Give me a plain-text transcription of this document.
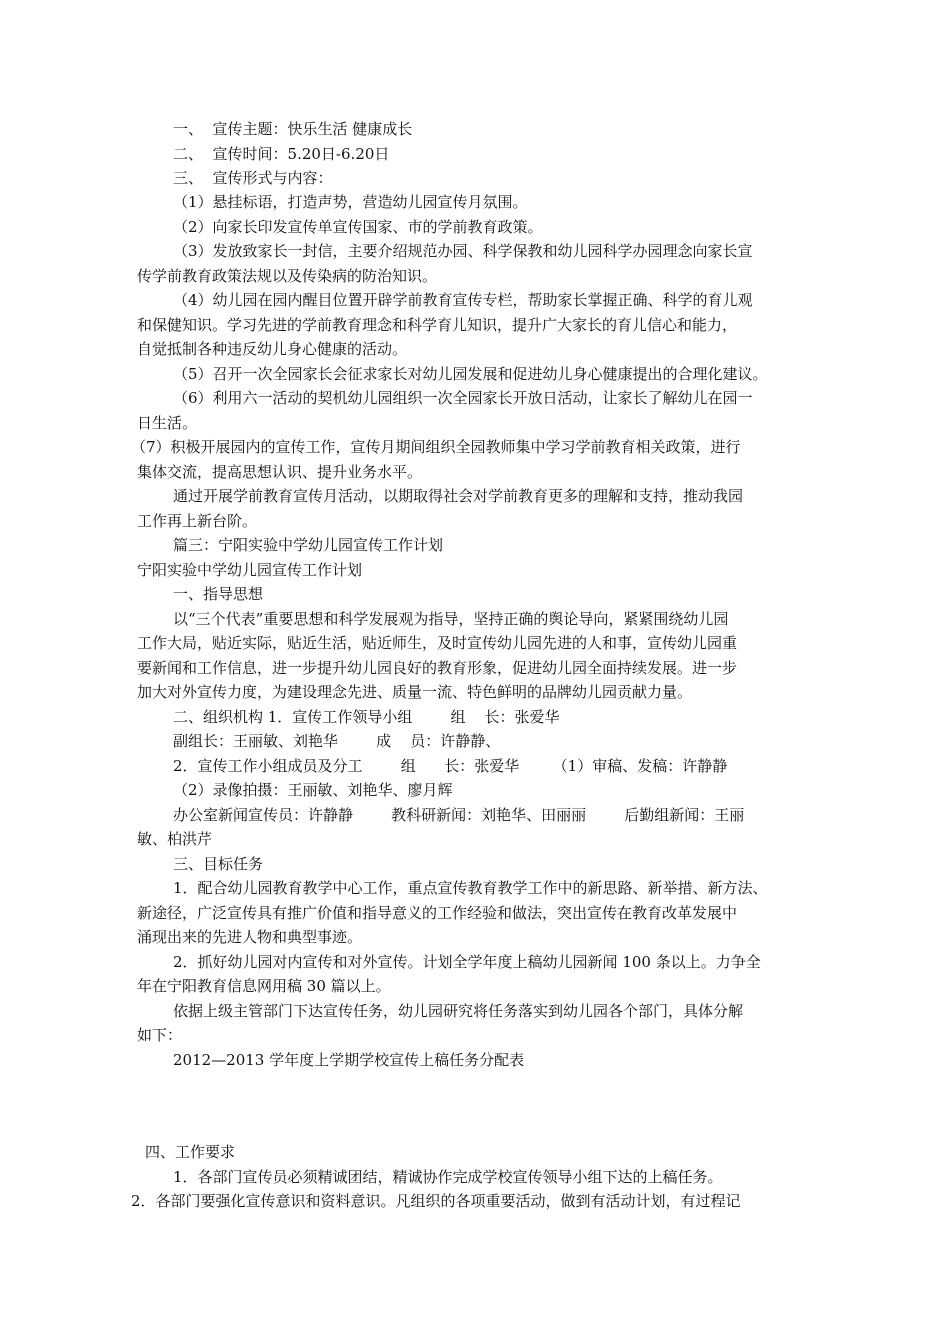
一、  宣传主题：快乐生活 健康成长
二、  宣传时间：5.20日-6.20日
三、  宣传形式与内容：
（1）悬挂标语，打造声势，营造幼儿园宣传月氛围。
（2）向家长印发宣传单宣传国家、市的学前教育政策。
（3）发放致家长一封信，主要介绍规范办园、科学保教和幼儿园科学办园理念向家长宣
传学前教育政策法规以及传染病的防治知识。
（4）幼儿园在园内醒目位置开辟学前教育宣传专栏，帮助家长掌握正确、科学的育儿观
和保健知识。学习先进的学前教育理念和科学育儿知识，提升广大家长的育儿信心和能力，
自觉抵制各种违反幼儿身心健康的活动。
（5）召开一次全园家长会征求家长对幼儿园发展和促进幼儿身心健康提出的合理化建议。
（6）利用六一活动的契机幼儿园组织一次全园家长开放日活动，让家长了解幼儿在园一
日生活。
（7）积极开展园内的宣传工作，宣传月期间组织全园教师集中学习学前教育相关政策，进行
集体交流，提高思想认识、提升业务水平。
通过开展学前教育宣传月活动，以期取得社会对学前教育更多的理解和支持，推动我园
工作再上新台阶。
篇三：宁阳实验中学幼儿园宣传工作计划
宁阳实验中学幼儿园宣传工作计划
一、指导思想
以“三个代表”重要思想和科学发展观为指导，坚持正确的舆论导向，紧紧围绕幼儿园
工作大局，贴近实际，贴近生活，贴近师生，及时宣传幼儿园先进的人和事，宣传幼儿园重
要新闻和工作信息，进一步提升幼儿园良好的教育形象，促进幼儿园全面持续发展。进一步
加大对外宣传力度，为建设理念先进、质量一流、特色鲜明的品牌幼儿园贡献力量。
二、组织机构 1．宣传工作领导小组        组    长：张爱华
副组长：王丽敏、刘艳华        成    员：许静静、
2．宣传工作小组成员及分工        组      长：张爱华       （1）审稿、发稿：许静静
（2）录像拍摄：王丽敏、刘艳华、廖月辉
办公室新闻宣传员：许静静        教科研新闻：刘艳华、田丽丽        后勤组新闻：王丽
敏、柏洪芹
三、目标任务
1．配合幼儿园教育教学中心工作，重点宣传教育教学工作中的新思路、新举措、新方法、
新途径，广泛宣传具有推广价值和指导意义的工作经验和做法，突出宣传在教育改革发展中
涌现出来的先进人物和典型事迹。
2．抓好幼儿园对内宣传和对外宣传。计划全学年度上稿幼儿园新闻 100 条以上。力争全
年在宁阳教育信息网用稿 30 篇以上。
依据上级主管部门下达宣传任务，幼儿园研究将任务落实到幼儿园各个部门，具体分解
如下：
2012—2013 学年度上学期学校宣传上稿任务分配表
四、工作要求
1．各部门宣传员必须精诚团结，精诚协作完成学校宣传领导小组下达的上稿任务。
2．各部门要强化宣传意识和资料意识。凡组织的各项重要活动，做到有活动计划，有过程记
